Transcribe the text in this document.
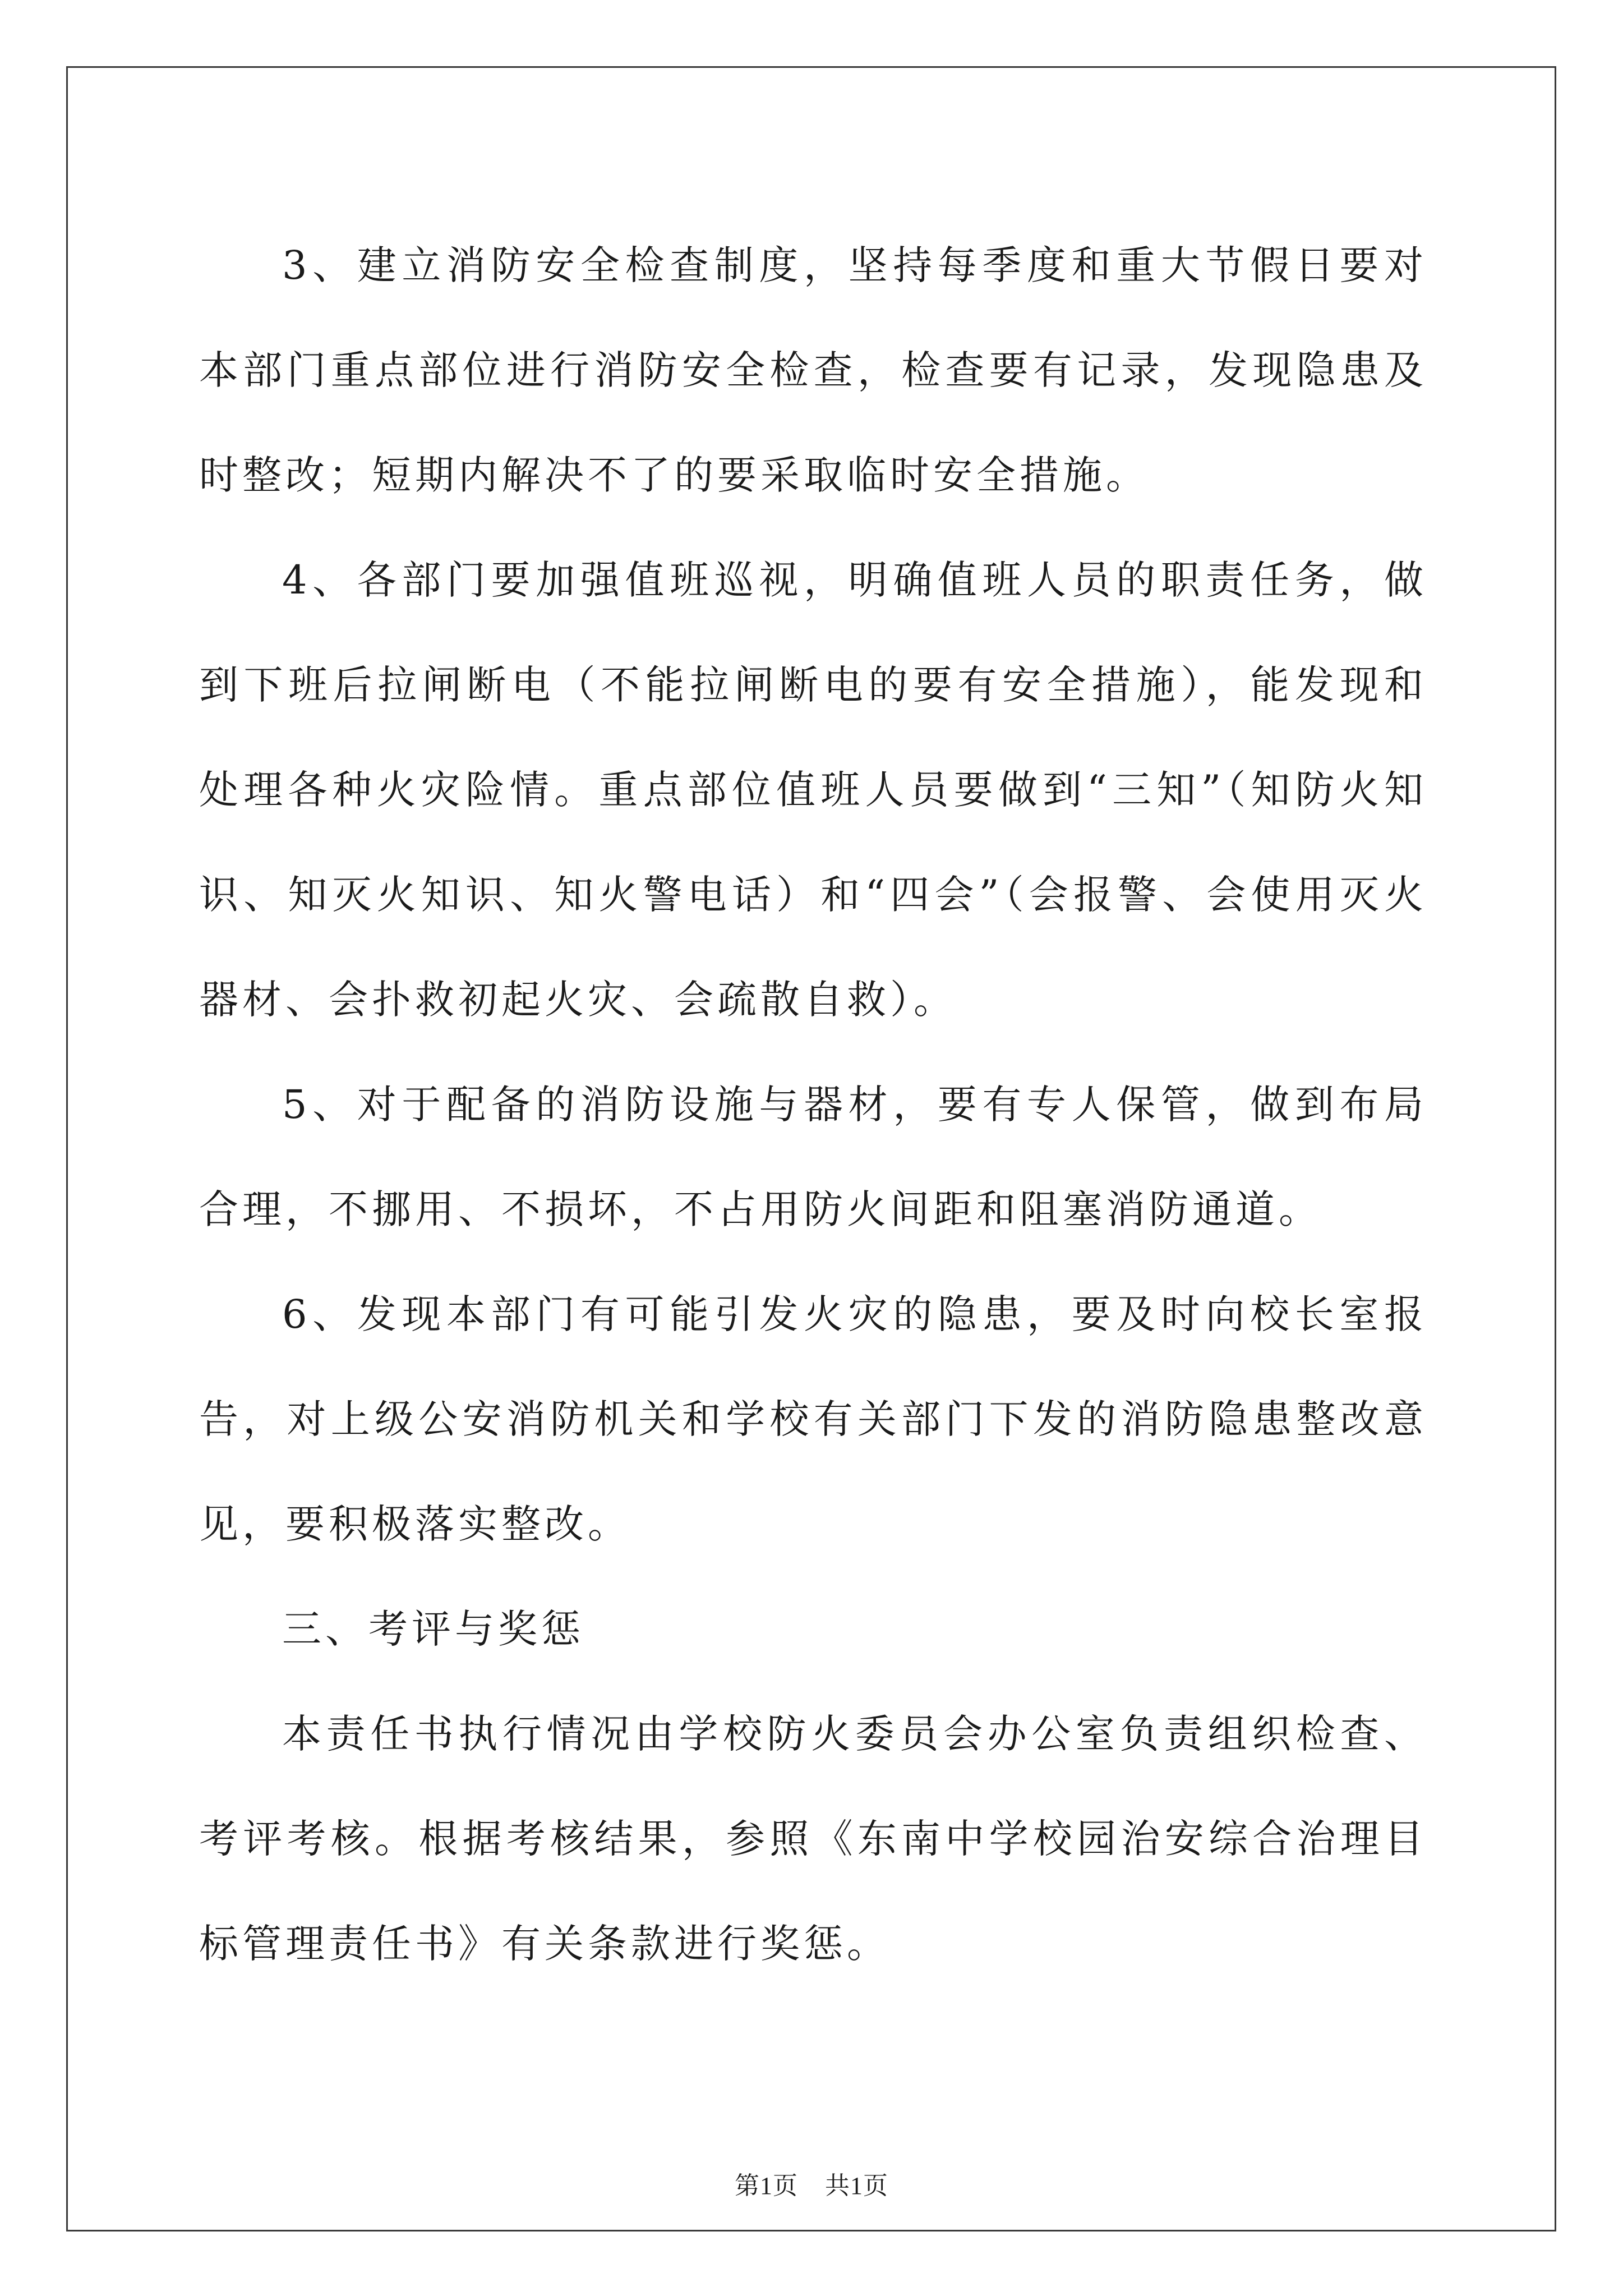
3、建立消防安全检查制度，坚持每季度和重大节假日要对本部门重点部位进行消防安全检查，检查要有记录，发现隐患及时整改；短期内解决不了的要采取临时安全措施。

4、各部门要加强值班巡视，明确值班人员的职责任务，做到下班后拉闸断电（不能拉闸断电的要有安全措施），能发现和处理各种火灾险情。重点部位值班人员要做到“三知”（知防火知识、知灭火知识、知火警电话）和“四会”（会报警、会使用灭火器材、会扑救初起火灾、会疏散自救）。

5、对于配备的消防设施与器材，要有专人保管，做到布局合理，不挪用、不损坏，不占用防火间距和阻塞消防通道。

6、发现本部门有可能引发火灾的隐患，要及时向校长室报告，对上级公安消防机关和学校有关部门下发的消防隐患整改意见，要积极落实整改。

三、考评与奖惩

本责任书执行情况由学校防火委员会办公室负责组织检查、考评考核。根据考核结果，参照《东南中学校园治安综合治理目标管理责任书》有关条款进行奖惩。

第1页 共1页
